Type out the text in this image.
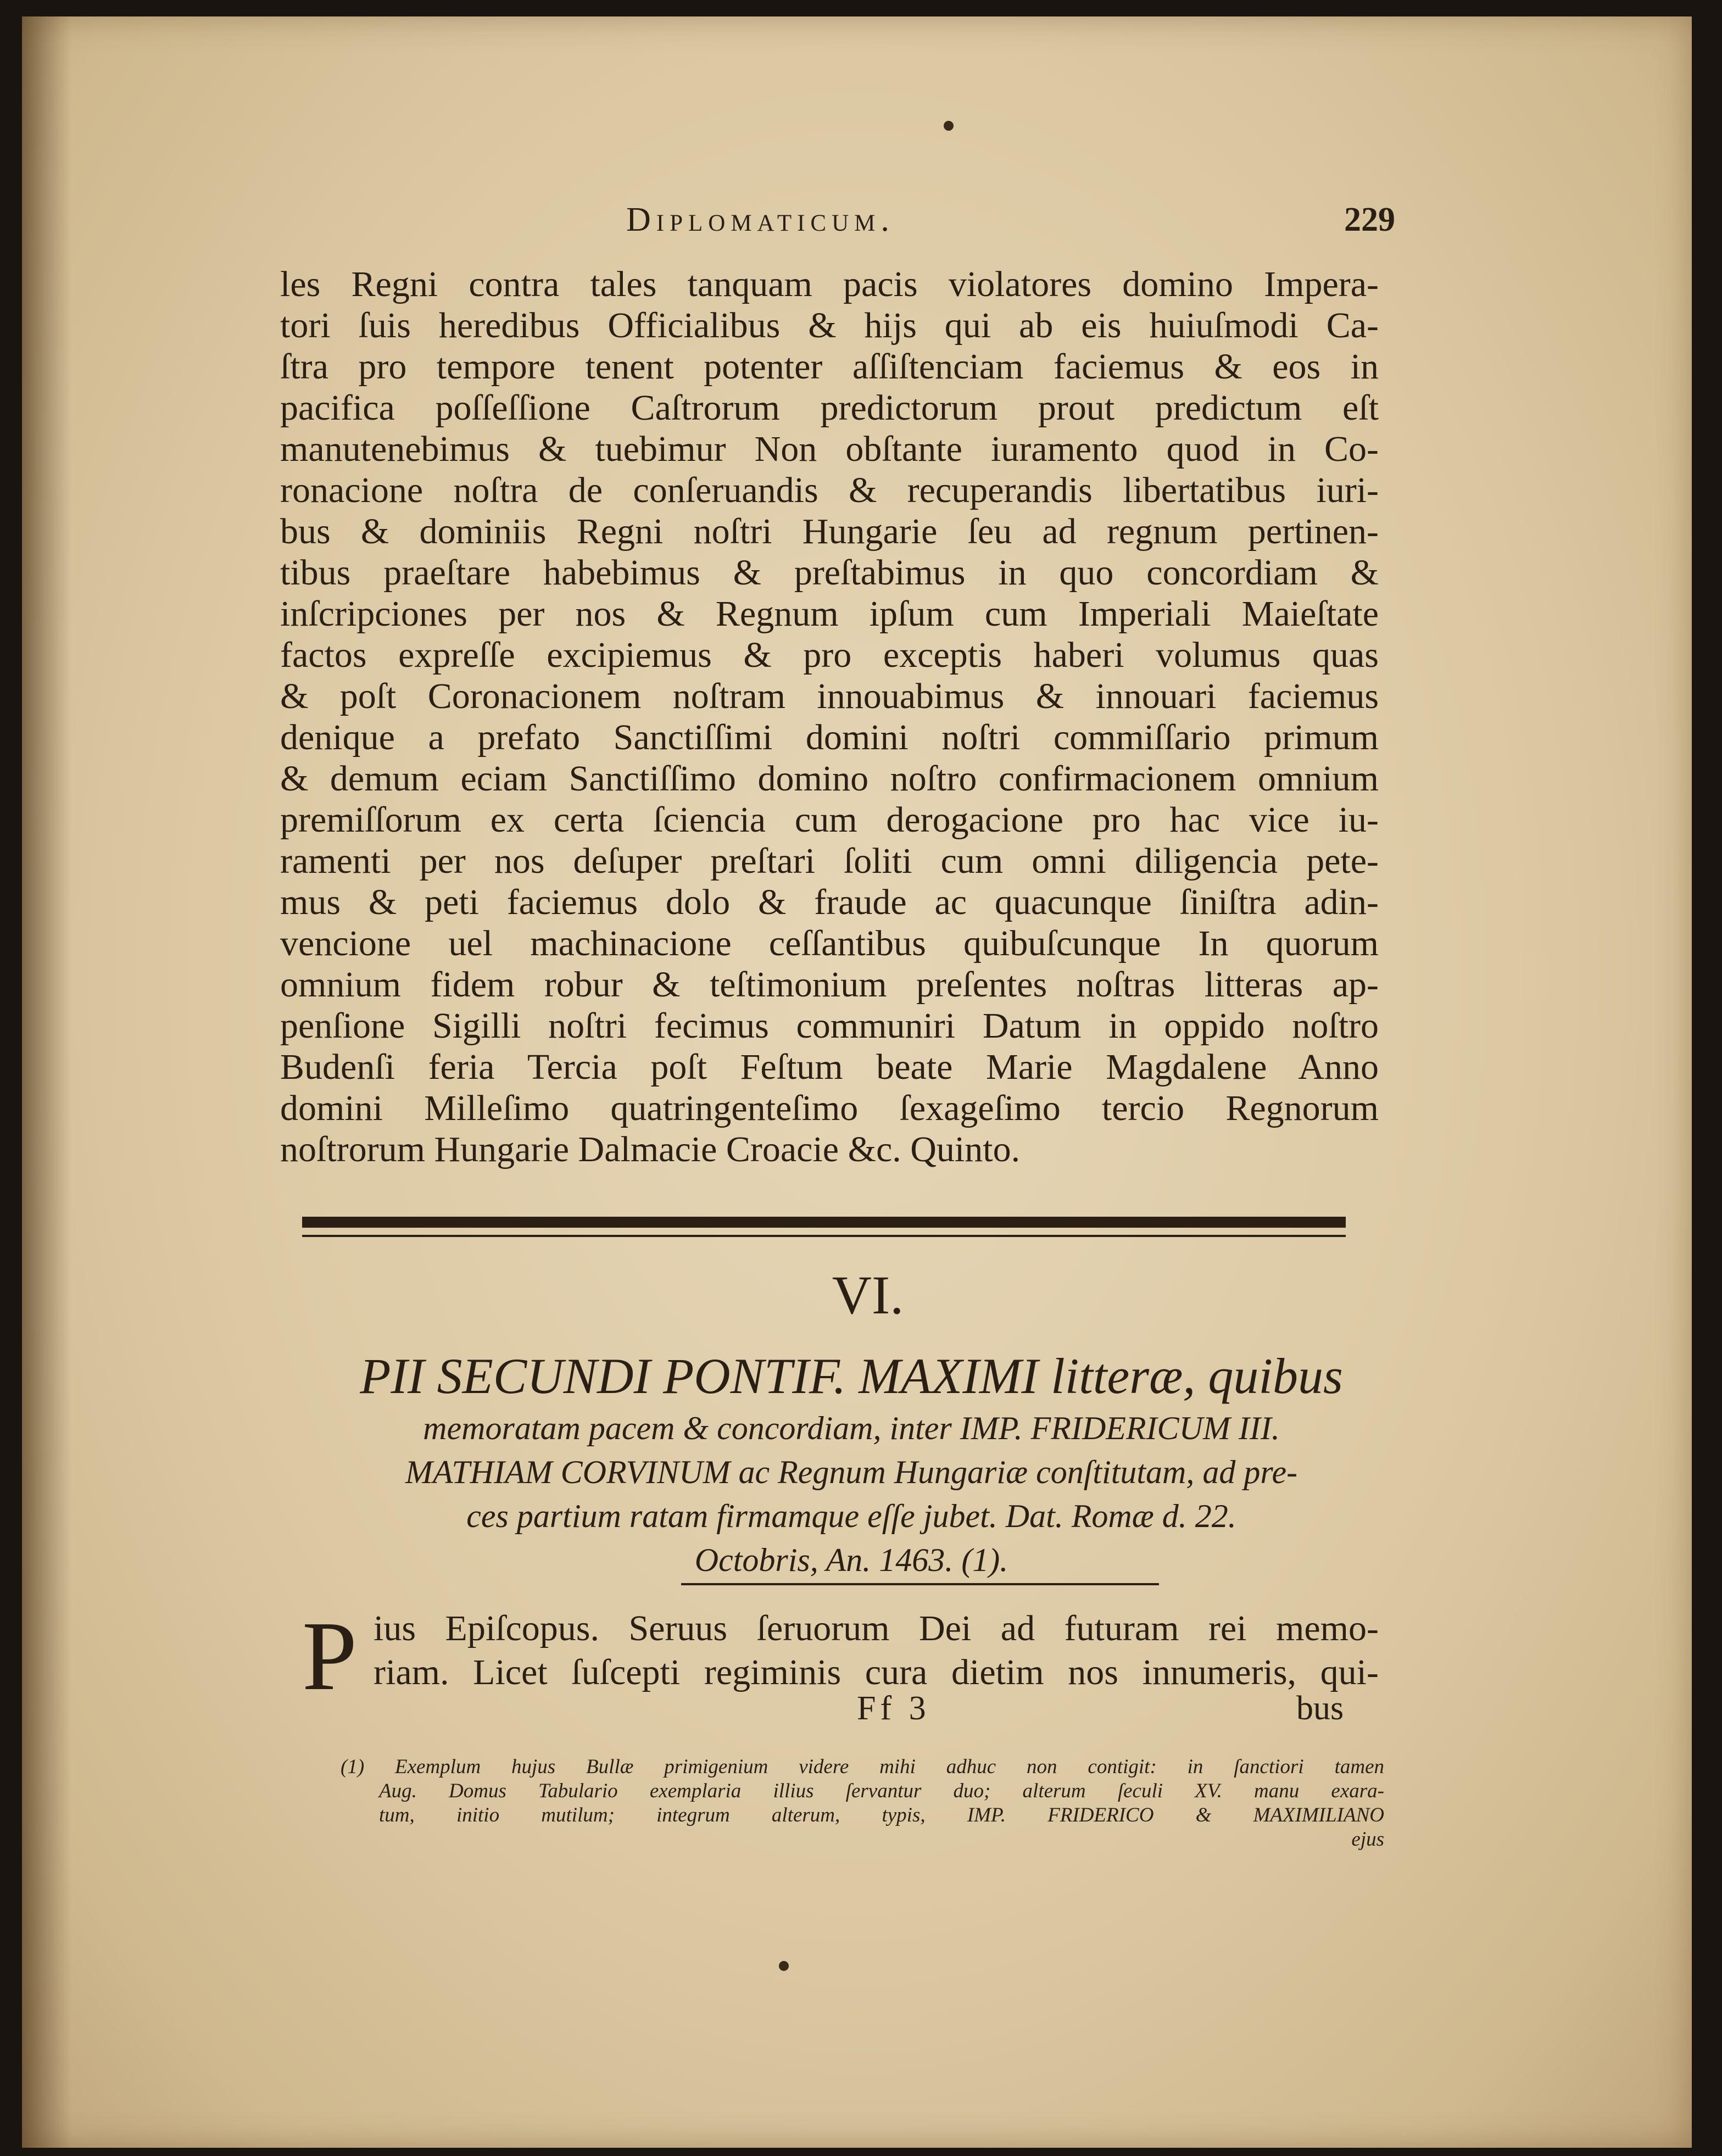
Diplomaticum.	229
les Regni contra tales tanquam pacis violatores domino Impera-
tori ſuis heredibus Officialibus & hijs qui ab eis huiuſmodi Ca-
ſtra pro tempore tenent potenter aſſiſtenciam faciemus & eos in
pacifica poſſeſſione Caſtrorum predictorum prout predictum eſt
manutenebimus & tuebimur Non obſtante iuramento quod in Co-
ronacione noſtra de conſeruandis & recuperandis libertatibus iuri-
bus & dominiis Regni noſtri Hungarie ſeu ad regnum pertinen-
tibus praeſtare habebimus & preſtabimus in quo concordiam &
inſcripciones per nos & Regnum ipſum cum Imperiali Maieſtate
factos expreſſe excipiemus & pro exceptis haberi volumus quas
& poſt Coronacionem noſtram innouabimus & innouari faciemus
denique a prefato Sanctiſſimi domini noſtri commiſſario primum
& demum eciam Sanctiſſimo domino noſtro confirmacionem omnium
premiſſorum ex certa ſciencia cum derogacione pro hac vice iu-
ramenti per nos deſuper preſtari ſoliti cum omni diligencia pete-
mus & peti faciemus dolo & fraude ac quacunque ſiniſtra adin-
vencione uel machinacione ceſſantibus quibuſcunque In quorum
omnium fidem robur & teſtimonium preſentes noſtras litteras ap-
penſione Sigilli noſtri fecimus communiri Datum in oppido noſtro
Budenſi feria Tercia poſt Feſtum beate Marie Magdalene Anno
domini Milleſimo quatringenteſimo ſexageſimo tercio Regnorum
noſtrorum Hungarie Dalmacie Croacie &c. Quinto.
VI.
PII SECUNDI PONTIF. MAXIMI litteræ, quibus
memoratam pacem & concordiam, inter IMP. FRIDERICUM III.
MATHIAM CORVINUM ac Regnum Hungariæ conſtitutam, ad pre-
ces partium ratam firmamque eſſe jubet. Dat. Romæ d. 22.
Octobris, An. 1463. (1).
P ius Epiſcopus. Seruus ſeruorum Dei ad futuram rei memo-
riam. Licet ſuſcepti regiminis cura dietim nos innumeris, qui-
Ff 3	bus
(1) Exemplum hujus Bullæ primigenium videre mihi adhuc non contigit: in ſanctiori tamen
Aug. Domus Tabulario exemplaria illius ſervantur duo; alterum ſeculi XV. manu exara-
tum, initio mutilum; integrum alterum, typis, IMP. FRIDERICO & MAXIMILIANO
ejus
